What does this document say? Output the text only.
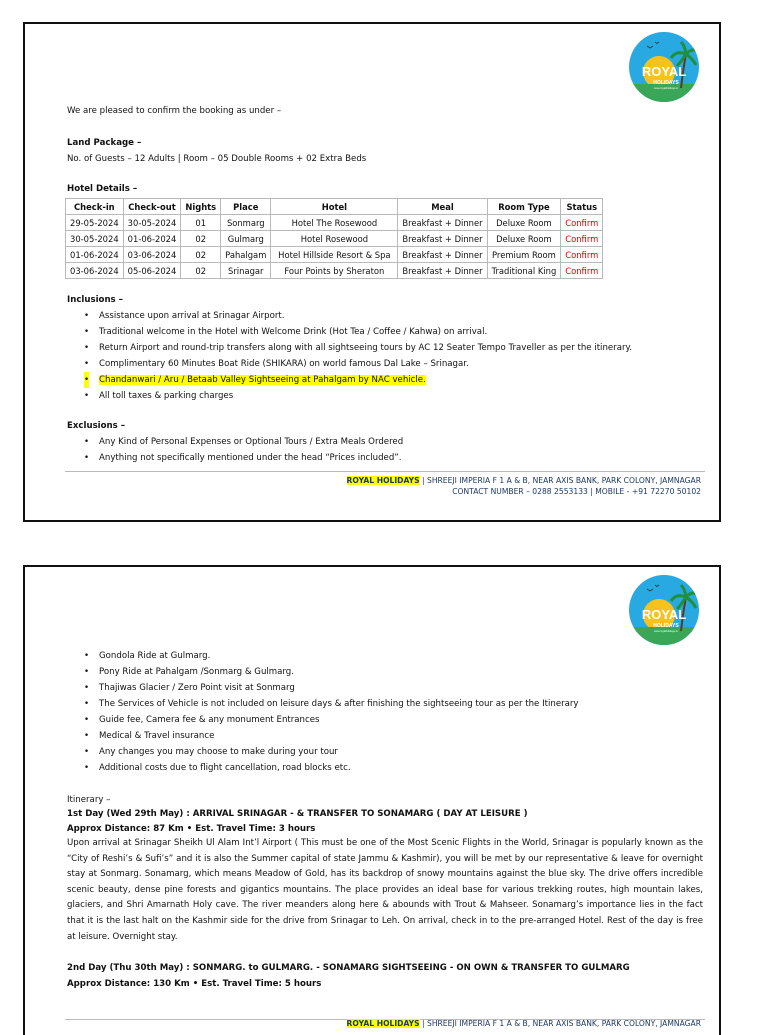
ROYAL
HOLIDAYS
www.royalholidays.in
We are pleased to confirm the booking as under –
Land Package –
No. of Guests – 12 Adults | Room – 05 Double Rooms + 02 Extra Beds
Hotel Details –
Check-in	Check-out	Nights	Place	Hotel	Meal	Room Type	Status
29-05-2024	30-05-2024	01	Sonmarg	Hotel The Rosewood	Breakfast + Dinner	Deluxe Room	Confirm
30-05-2024	01-06-2024	02	Gulmarg	Hotel Rosewood	Breakfast + Dinner	Deluxe Room	Confirm
01-06-2024	03-06-2024	02	Pahalgam	Hotel Hillside Resort & Spa	Breakfast + Dinner	Premium Room	Confirm
03-06-2024	05-06-2024	02	Srinagar	Four Points by Sheraton	Breakfast + Dinner	Traditional King	Confirm
Inclusions –
• Assistance upon arrival at Srinagar Airport.
• Traditional welcome in the Hotel with Welcome Drink (Hot Tea / Coffee / Kahwa) on arrival.
• Return Airport and round-trip transfers along with all sightseeing tours by AC 12 Seater Tempo Traveller as per the itinerary.
• Complimentary 60 Minutes Boat Ride (SHIKARA) on world famous Dal Lake – Srinagar.
• Chandanwari / Aru / Betaab Valley Sightseeing at Pahalgam by NAC vehicle.
• All toll taxes & parking charges
Exclusions –
• Any Kind of Personal Expenses or Optional Tours / Extra Meals Ordered
• Anything not specifically mentioned under the head “Prices included”.
ROYAL HOLIDAYS | SHREEJI IMPERIA F 1 A & B, NEAR AXIS BANK, PARK COLONY, JAMNAGAR
CONTACT NUMBER – 0288 2553133 | MOBILE - +91 72270 50102
ROYAL
HOLIDAYS
www.royalholidays.in
• Gondola Ride at Gulmarg.
• Pony Ride at Pahalgam /Sonmarg & Gulmarg.
• Thajiwas Glacier / Zero Point visit at Sonmarg
• The Services of Vehicle is not included on leisure days & after finishing the sightseeing tour as per the Itinerary
• Guide fee, Camera fee & any monument Entrances
• Medical & Travel insurance
• Any changes you may choose to make during your tour
• Additional costs due to flight cancellation, road blocks etc.
Itinerary –
1st Day (Wed 29th May) : ARRIVAL SRINAGAR - & TRANSFER TO SONAMARG ( DAY AT LEISURE )
Approx Distance: 87 Km • Est. Travel Time: 3 hours
Upon arrival at Srinagar Sheikh Ul Alam Int’l Airport ( This must be one of the Most Scenic Flights in the World, Srinagar is popularly known as the “City of Reshi’s & Sufi’s” and it is also the Summer capital of state Jammu & Kashmir), you will be met by our representative & leave for overnight stay at Sonmarg. Sonamarg, which means Meadow of Gold, has its backdrop of snowy mountains against the blue sky. The drive offers incredible scenic beauty, dense pine forests and gigantics mountains. The place provides an ideal base for various trekking routes, high mountain lakes, glaciers, and Shri Amarnath Holy cave. The river meanders along here & abounds with Trout & Mahseer. Sonamarg’s importance lies in the fact that it is the last halt on the Kashmir side for the drive from Srinagar to Leh. On arrival, check in to the pre-arranged Hotel. Rest of the day is free at leisure. Overnight stay.
2nd Day (Thu 30th May) : SONMARG. to GULMARG. - SONAMARG SIGHTSEEING - ON OWN & TRANSFER TO GULMARG
Approx Distance: 130 Km • Est. Travel Time: 5 hours
ROYAL HOLIDAYS | SHREEJI IMPERIA F 1 A & B, NEAR AXIS BANK, PARK COLONY, JAMNAGAR
